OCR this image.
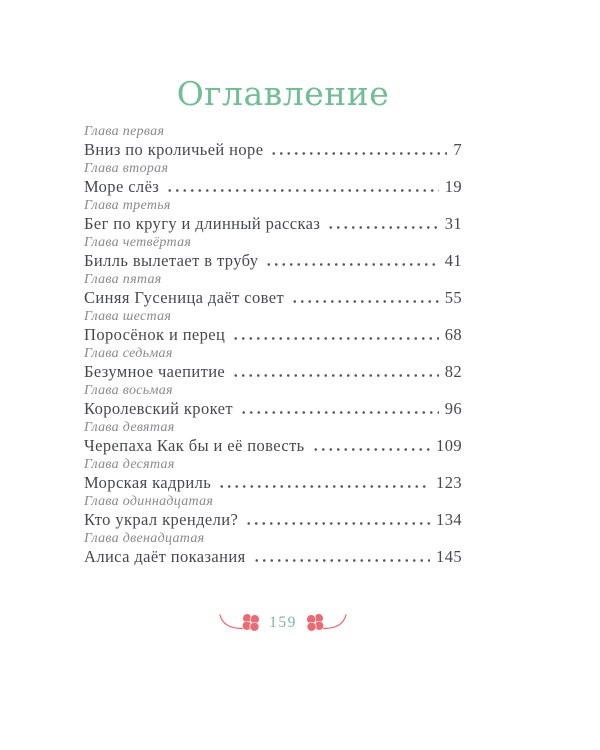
Оглавление
Глава первая
Вниз по кроличьей норе	7
Глава вторая
Море слёз	19
Глава третья
Бег по кругу и длинный рассказ	31
Глава четвёртая
Билль вылетает в трубу	41
Глава пятая
Синяя Гусеница даёт совет	55
Глава шестая
Поросёнок и перец	68
Глава седьмая
Безумное чаепитие	82
Глава восьмая
Королевский крокет	96
Глава девятая
Черепаха Как бы и её повесть	109
Глава десятая
Морская кадриль	123
Глава одиннадцатая
Кто украл крендели?	134
Глава двенадцатая
Алиса даёт показания	145
159
